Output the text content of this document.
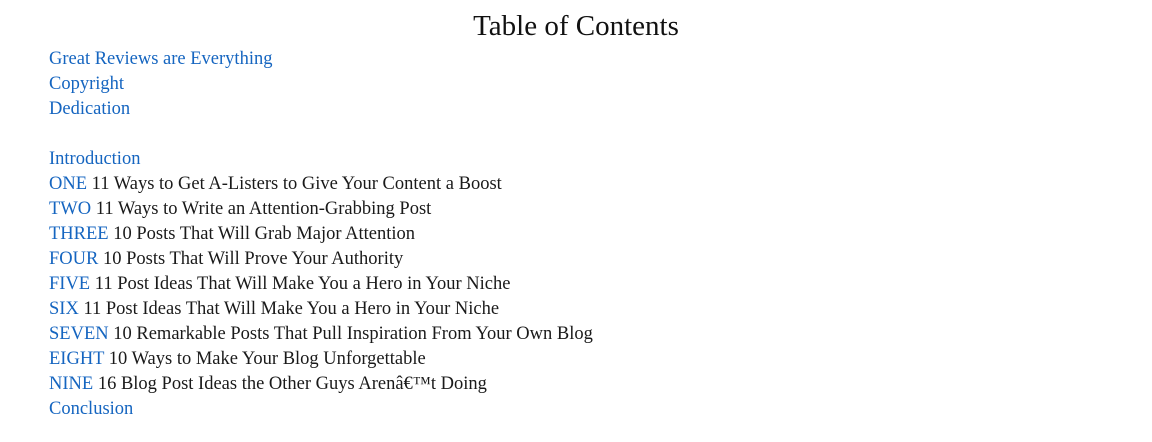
Table of Contents
Great Reviews are Everything
Copyright
Dedication
Introduction
ONE 11 Ways to Get A-Listers to Give Your Content a Boost
TWO 11 Ways to Write an Attention-Grabbing Post
THREE 10 Posts That Will Grab Major Attention
FOUR 10 Posts That Will Prove Your Authority
FIVE 11 Post Ideas That Will Make You a Hero in Your Niche
SIX 11 Post Ideas That Will Make You a Hero in Your Niche
SEVEN 10 Remarkable Posts That Pull Inspiration From Your Own Blog
EIGHT 10 Ways to Make Your Blog Unforgettable
NINE 16 Blog Post Ideas the Other Guys Arenâ€™t Doing
Conclusion
